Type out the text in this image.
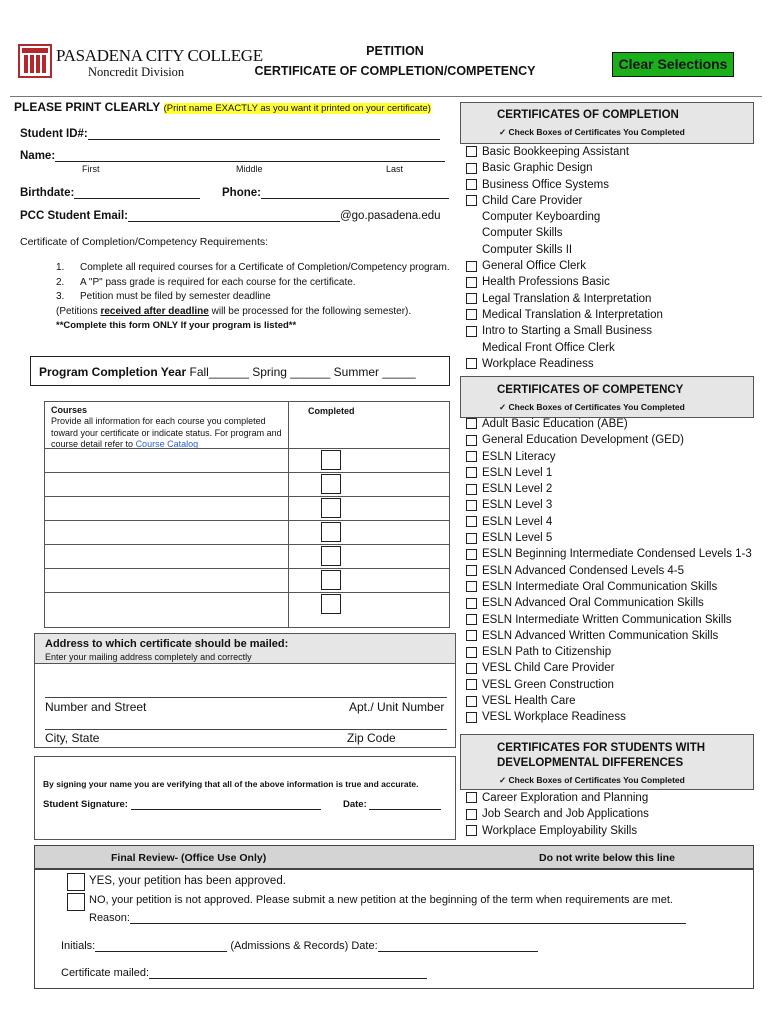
PASADENA CITY COLLEGE
Noncredit Division
PETITION
CERTIFICATE OF COMPLETION/COMPETENCY	Clear Selections
PLEASE PRINT CLEARLY (Print name EXACTLY as you want it printed on your certificate)
Student ID#:
Name:
First	Middle	Last
Birthdate:	Phone:
PCC Student Email:	@go.pasadena.edu
Certificate of Completion/Competency Requirements:
1. Complete all required courses for a Certificate of Completion/Competency program.
2. A "P" pass grade is required for each course for the certificate.
3. Petition must be filed by semester deadline
(Petitions received after deadline will be processed for the following semester).
**Complete this form ONLY If your program is listed**
Program Completion Year Fall______ Spring ______ Summer _____
Courses
Provide all information for each course you completed toward your certificate or indicate status. For program and course detail refer to Course Catalog
Completed
Address to which certificate should be mailed:
Enter your mailing address completely and correctly
Number and Street	Apt./ Unit Number
City, State	Zip Code
By signing your name you are verifying that all of the above information is true and accurate.
Student Signature:	Date:
CERTIFICATES OF COMPLETION
✓ Check Boxes of Certificates You Completed
Basic Bookkeeping Assistant
Basic Graphic Design
Business Office Systems
Child Care Provider
Computer Keyboarding
Computer Skills
Computer Skills II
General Office Clerk
Health Professions Basic
Legal Translation & Interpretation
Medical Translation & Interpretation
Intro to Starting a Small Business
Medical Front Office Clerk
Workplace Readiness
CERTIFICATES OF COMPETENCY
✓ Check Boxes of Certificates You Completed
Adult Basic Education (ABE)
General Education Development (GED)
ESLN Literacy
ESLN Level 1
ESLN Level 2
ESLN Level 3
ESLN Level 4
ESLN Level 5
ESLN Beginning Intermediate Condensed Levels 1-3
ESLN Advanced Condensed Levels 4-5
ESLN Intermediate Oral Communication Skills
ESLN Advanced Oral Communication Skills
ESLN Intermediate Written Communication Skills
ESLN Advanced Written Communication Skills
ESLN Path to Citizenship
VESL Child Care Provider
VESL Green Construction
VESL Health Care
VESL Workplace Readiness
CERTIFICATES FOR STUDENTS WITH DEVELOPMENTAL DIFFERENCES
✓ Check Boxes of Certificates You Completed
Career Exploration and Planning
Job Search and Job Applications
Workplace Employability Skills
Final Review- (Office Use Only)	Do not write below this line
YES, your petition has been approved.
NO, your petition is not approved. Please submit a new petition at the beginning of the term when requirements are met.
Reason:
Initials:	(Admissions & Records) Date:
Certificate mailed:
